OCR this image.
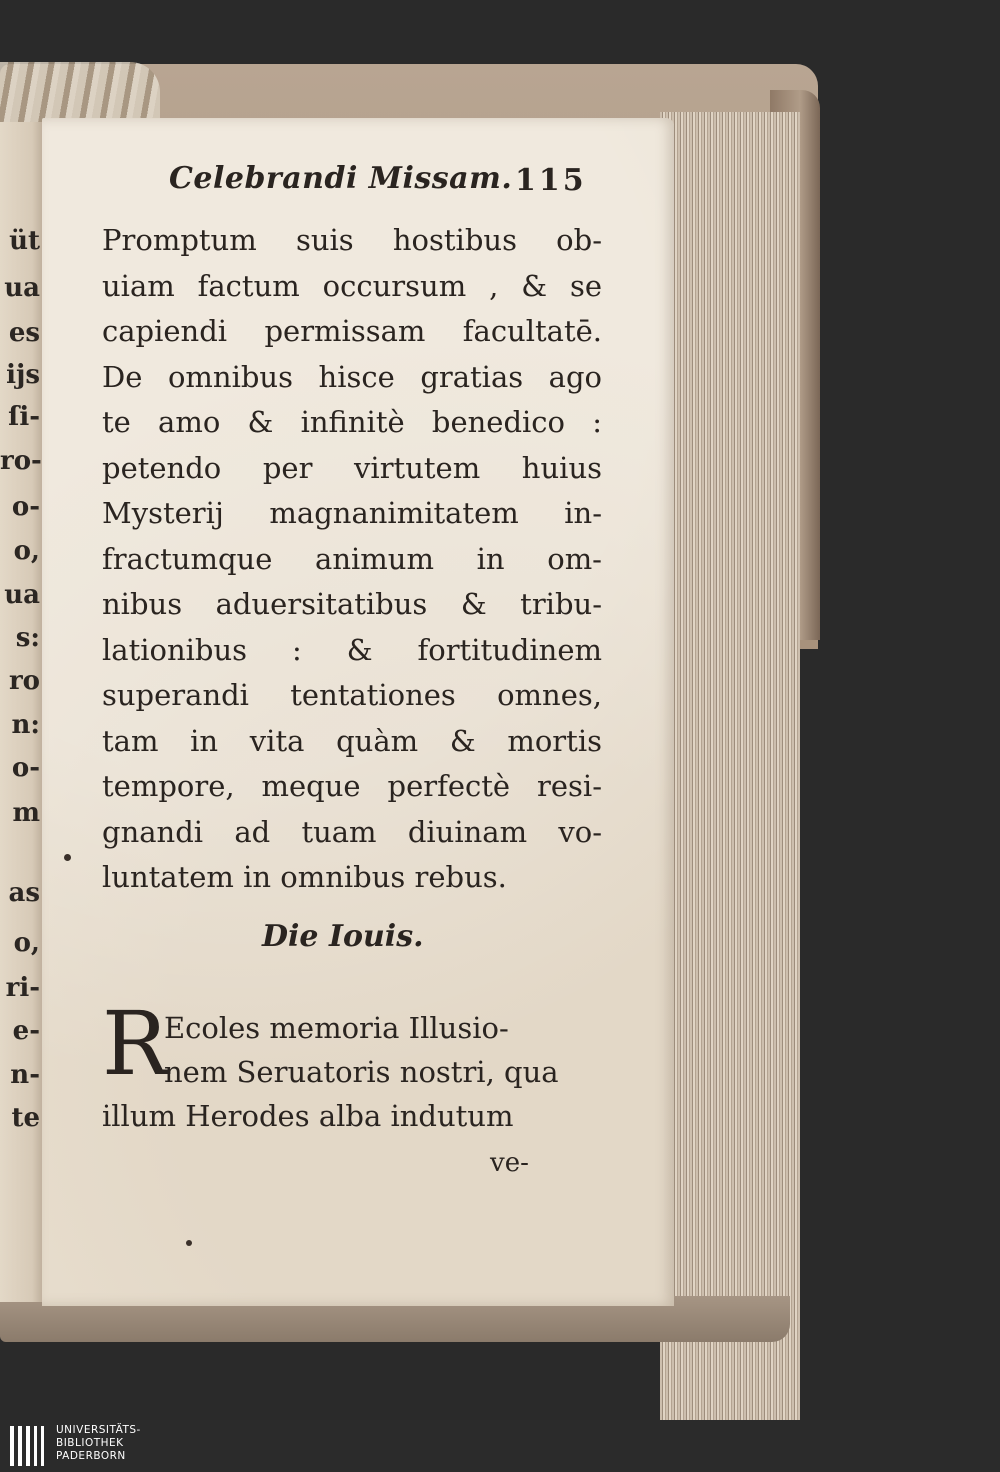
üt
ua
es
ijs
ſi-
ro-
o-
o,
ua
s:
ro
n:
o-
m
as
o,
ri-
e-
n-
te
Celebrandi Missam. 115
Promptum suis hostibus ob-
uiam factum occursum , & se
capiendi permissam facultatē.
De omnibus hisce gratias ago
te amo & infinitè benedico :
petendo per virtutem huius
Mysterij magnanimitatem in-
fractumque animum in om-
nibus aduersitatibus & tribu-
lationibus : & fortitudinem
superandi tentationes omnes,
tam in vita quàm & mortis
tempore, meque perfectè resi-
gnandi ad tuam diuinam vo-
luntatem in omnibus rebus.
Die Iouis.
R
Ecoles memoria Illusio-
nem Seruatoris nostri, qua
illum Herodes alba indutum
ve-
UNIVERSITÄTS-
BIBLIOTHEK
PADERBORN
